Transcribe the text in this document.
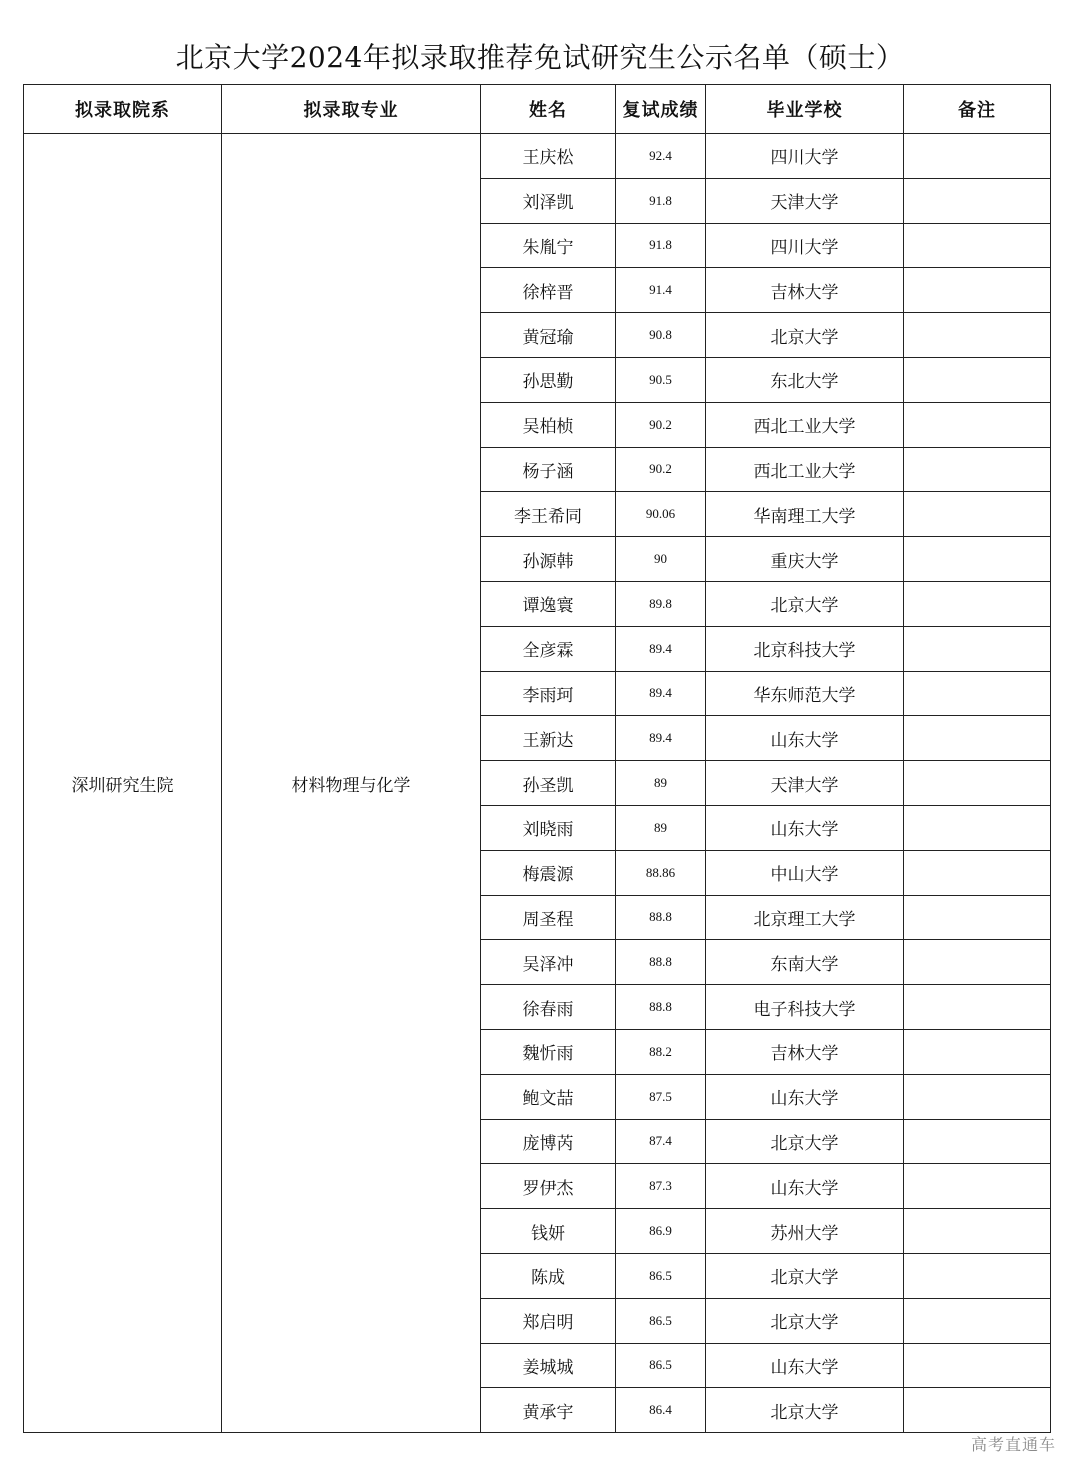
北京大学2024年拟录取推荐免试研究生公示名单（硕士）
拟录取院系	拟录取专业	姓名	复试成绩	毕业学校	备注
深圳研究生院	材料物理与化学	王庆松	92.4	四川大学	
		刘泽凯	91.8	天津大学	
		朱胤宁	91.8	四川大学	
		徐梓晋	91.4	吉林大学	
		黄冠瑜	90.8	北京大学	
		孙思勤	90.5	东北大学	
		吴柏桢	90.2	西北工业大学	
		杨子涵	90.2	西北工业大学	
		李王希同	90.06	华南理工大学	
		孙源韩	90	重庆大学	
		谭逸寰	89.8	北京大学	
		全彦霖	89.4	北京科技大学	
		李雨珂	89.4	华东师范大学	
		王新达	89.4	山东大学	
		孙圣凯	89	天津大学	
		刘晓雨	89	山东大学	
		梅震源	88.86	中山大学	
		周圣程	88.8	北京理工大学	
		吴泽冲	88.8	东南大学	
		徐春雨	88.8	电子科技大学	
		魏忻雨	88.2	吉林大学	
		鲍文喆	87.5	山东大学	
		庞博芮	87.4	北京大学	
		罗伊杰	87.3	山东大学	
		钱妍	86.9	苏州大学	
		陈成	86.5	北京大学	
		郑启明	86.5	北京大学	
		姜城城	86.5	山东大学	
		黄承宇	86.4	北京大学	
高考直通车
